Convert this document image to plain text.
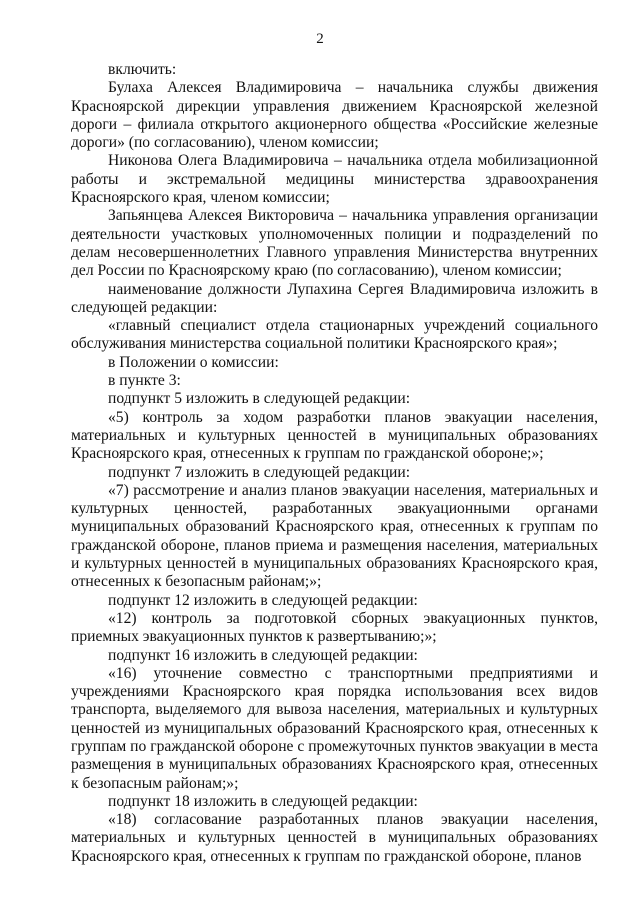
2

включить:

Булаха Алексея Владимировича – начальника службы движения Красноярской дирекции управления движением Красноярской железной дороги – филиала открытого акционерного общества «Российские железные дороги» (по согласованию), членом комиссии;

Никонова Олега Владимировича – начальника отдела мобилизационной работы и экстремальной медицины министерства здравоохранения Красноярского края, членом комиссии;

Запьянцева Алексея Викторовича – начальника управления организации деятельности участковых уполномоченных полиции и подразделений по делам несовершеннолетних Главного управления Министерства внутренних дел России по Красноярскому краю (по согласованию), членом комиссии;

наименование должности Лупахина Сергея Владимировича изложить в следующей редакции:

«главный специалист отдела стационарных учреждений социального обслуживания министерства социальной политики Красноярского края»;

в Положении о комиссии:

в пункте 3:

подпункт 5 изложить в следующей редакции:

«5) контроль за ходом разработки планов эвакуации населения, материальных и культурных ценностей в муниципальных образованиях Красноярского края, отнесенных к группам по гражданской обороне;»;

подпункт 7 изложить в следующей редакции:

«7) рассмотрение и анализ планов эвакуации населения, материальных и культурных ценностей, разработанных эвакуационными органами муниципальных образований Красноярского края, отнесенных к группам по гражданской обороне, планов приема и размещения населения, материальных и культурных ценностей в муниципальных образованиях Красноярского края, отнесенных к безопасным районам;»;

подпункт 12 изложить в следующей редакции:

«12) контроль за подготовкой сборных эвакуационных пунктов, приемных эвакуационных пунктов к развертыванию;»;

подпункт 16 изложить в следующей редакции:

«16) уточнение совместно с транспортными предприятиями и учреждениями Красноярского края порядка использования всех видов транспорта, выделяемого для вывоза населения, материальных и культурных ценностей из муниципальных образований Красноярского края, отнесенных к группам по гражданской обороне с промежуточных пунктов эвакуации в места размещения в муниципальных образованиях Красноярского края, отнесенных к безопасным районам;»;

подпункт 18 изложить в следующей редакции:

«18) согласование разработанных планов эвакуации населения, материальных и культурных ценностей в муниципальных образованиях Красноярского края, отнесенных к группам по гражданской обороне, планов
